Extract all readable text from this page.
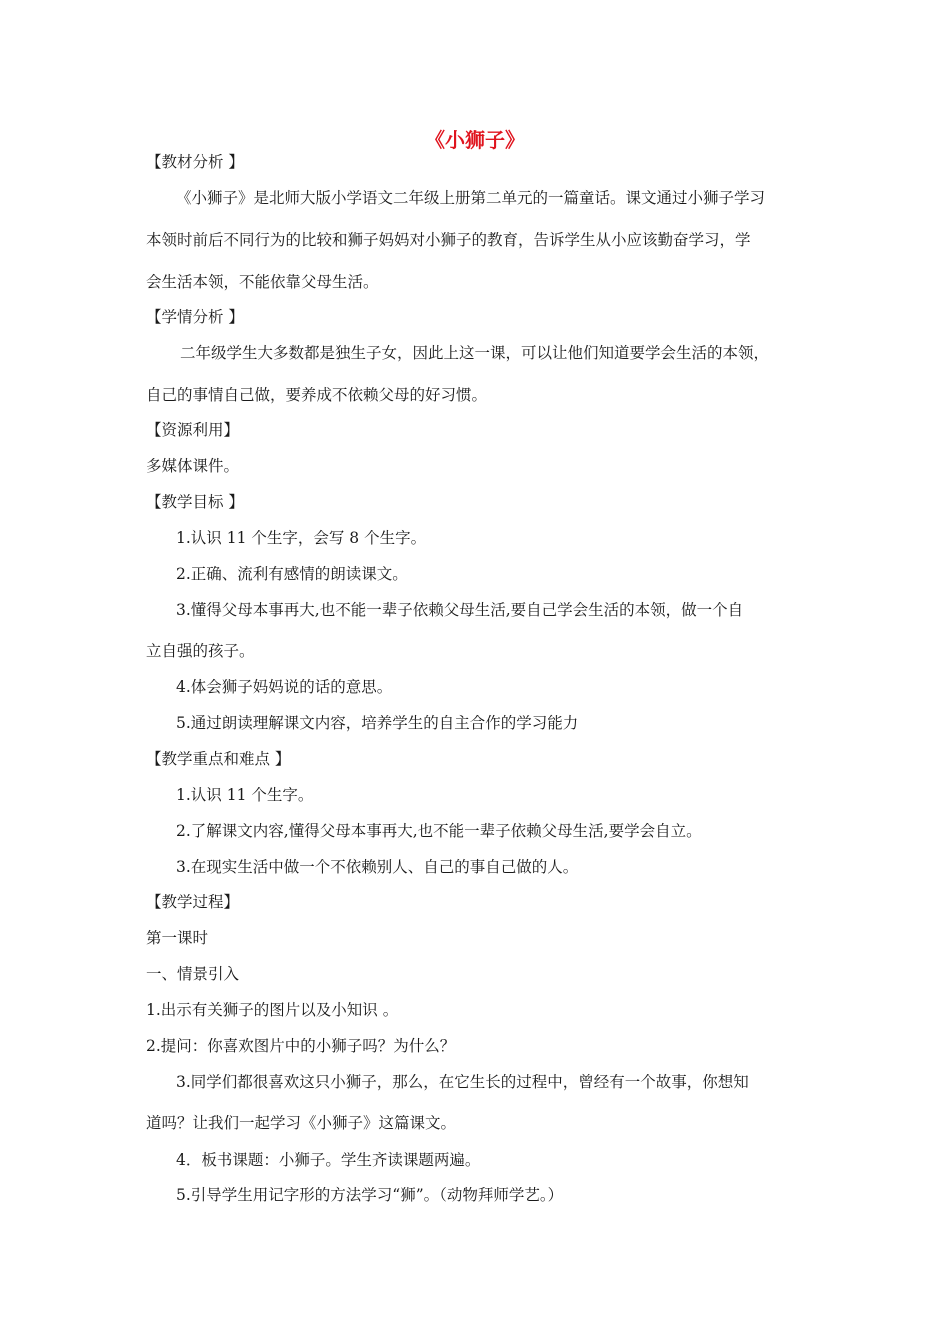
《小狮子》
【教材分析 】
《小狮子》是北师大版小学语文二年级上册第二单元的一篇童话。课文通过小狮子学习
本领时前后不同行为的比较和狮子妈妈对小狮子的教育，告诉学生从小应该勤奋学习，学
会生活本领，不能依靠父母生活。
【学情分析 】
二年级学生大多数都是独生子女，因此上这一课，可以让他们知道要学会生活的本领，
自己的事情自己做，要养成不依赖父母的好习惯。
【资源利用】
多媒体课件。
【教学目标 】
1.认识 11 个生字，会写 8 个生字。
2.正确、流利有感情的朗读课文。
3.懂得父母本事再大,也不能一辈子依赖父母生活,要自己学会生活的本领，做一个自
立自强的孩子。
4.体会狮子妈妈说的话的意思。
5.通过朗读理解课文内容，培养学生的自主合作的学习能力
【教学重点和难点 】
1.认识 11 个生字。
2.了解课文内容,懂得父母本事再大,也不能一辈子依赖父母生活,要学会自立。
3.在现实生活中做一个不依赖别人、自己的事自己做的人。
【教学过程】
第一课时
一、情景引入
1.出示有关狮子的图片以及小知识 。
2.提问：你喜欢图片中的小狮子吗？为什么？
3.同学们都很喜欢这只小狮子，那么，在它生长的过程中，曾经有一个故事，你想知
道吗？让我们一起学习《小狮子》这篇课文。
4．板书课题：小狮子。学生齐读课题两遍。
5.引导学生用记字形的方法学习“狮”。（动物拜师学艺。）
